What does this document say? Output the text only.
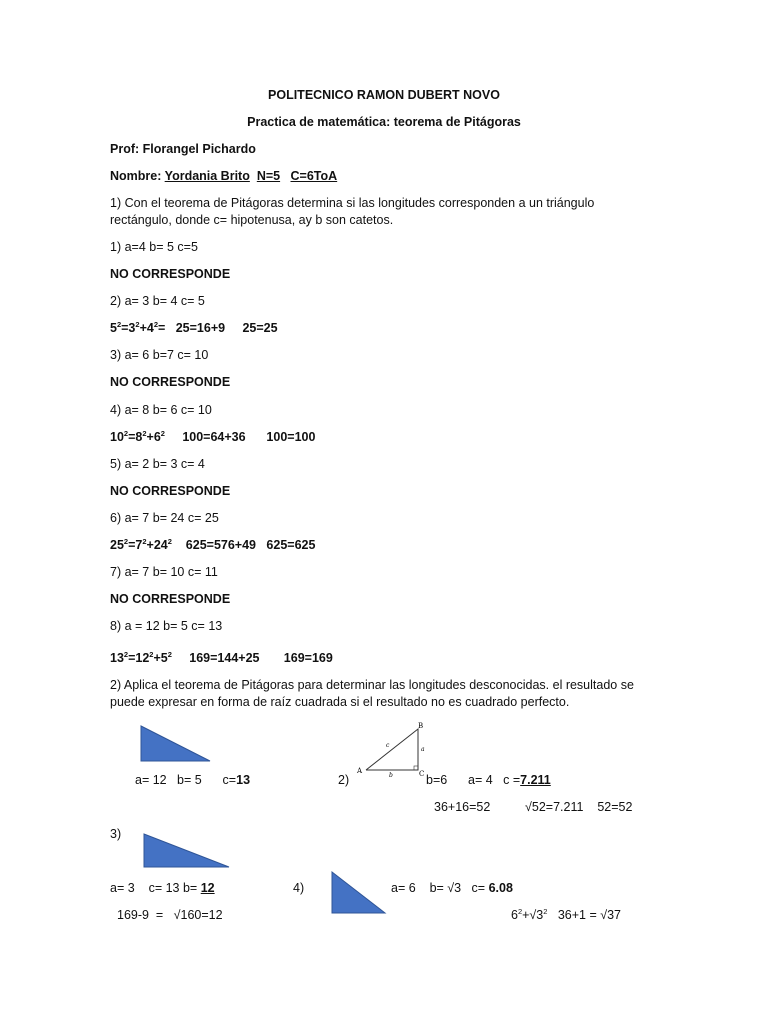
POLITECNICO RAMON DUBERT NOVO
Practica de matemática: teorema de Pitágoras
Prof: Florangel Pichardo
Nombre: Yordania Brito N=5 C=6ToA
1) Con el teorema de Pitágoras determina si las longitudes corresponden a un triángulo
rectángulo, donde c= hipotenusa, ay b son catetos.
1) a=4 b= 5 c=5
NO CORRESPONDE
2) a= 3 b= 4 c= 5
$5^2=3^2+4^2= 25=16+9$     25=25
3) a= 6 b=7 c= 10
NO CORRESPONDE
4) a= 8 b= 6 c= 10
$10^2=8^2+6^2$     100=64+36      100=100
5) a= 2 b= 3 c= 4
NO CORRESPONDE
6) a= 7 b= 24 c= 25
$25^2=7^2+24^2$    625=576+49   625=625
7) a= 7 b= 10 c= 11
NO CORRESPONDE
8) a = 12 b= 5 c= 13
$13^2=12^2+5^2$     169=144+25       169=169
2) Aplica el teorema de Pitágoras para determinar las longitudes desconocidas. el resultado se
puede expresar en forma de raíz cuadrada si el resultado no es cuadrado perfecto.
a= 12   b= 5      c=13	2)
A
B
C
a
b
c
b=6      a= 4   c =7.211
36+16=52          √52=7.211    52=52
3)
a= 3    c= 13 b= 12
169-9  =   √160=12
4)	a= 6    b= √3   c= 6.08
$6^2+√3^2$   36+1 = √37
